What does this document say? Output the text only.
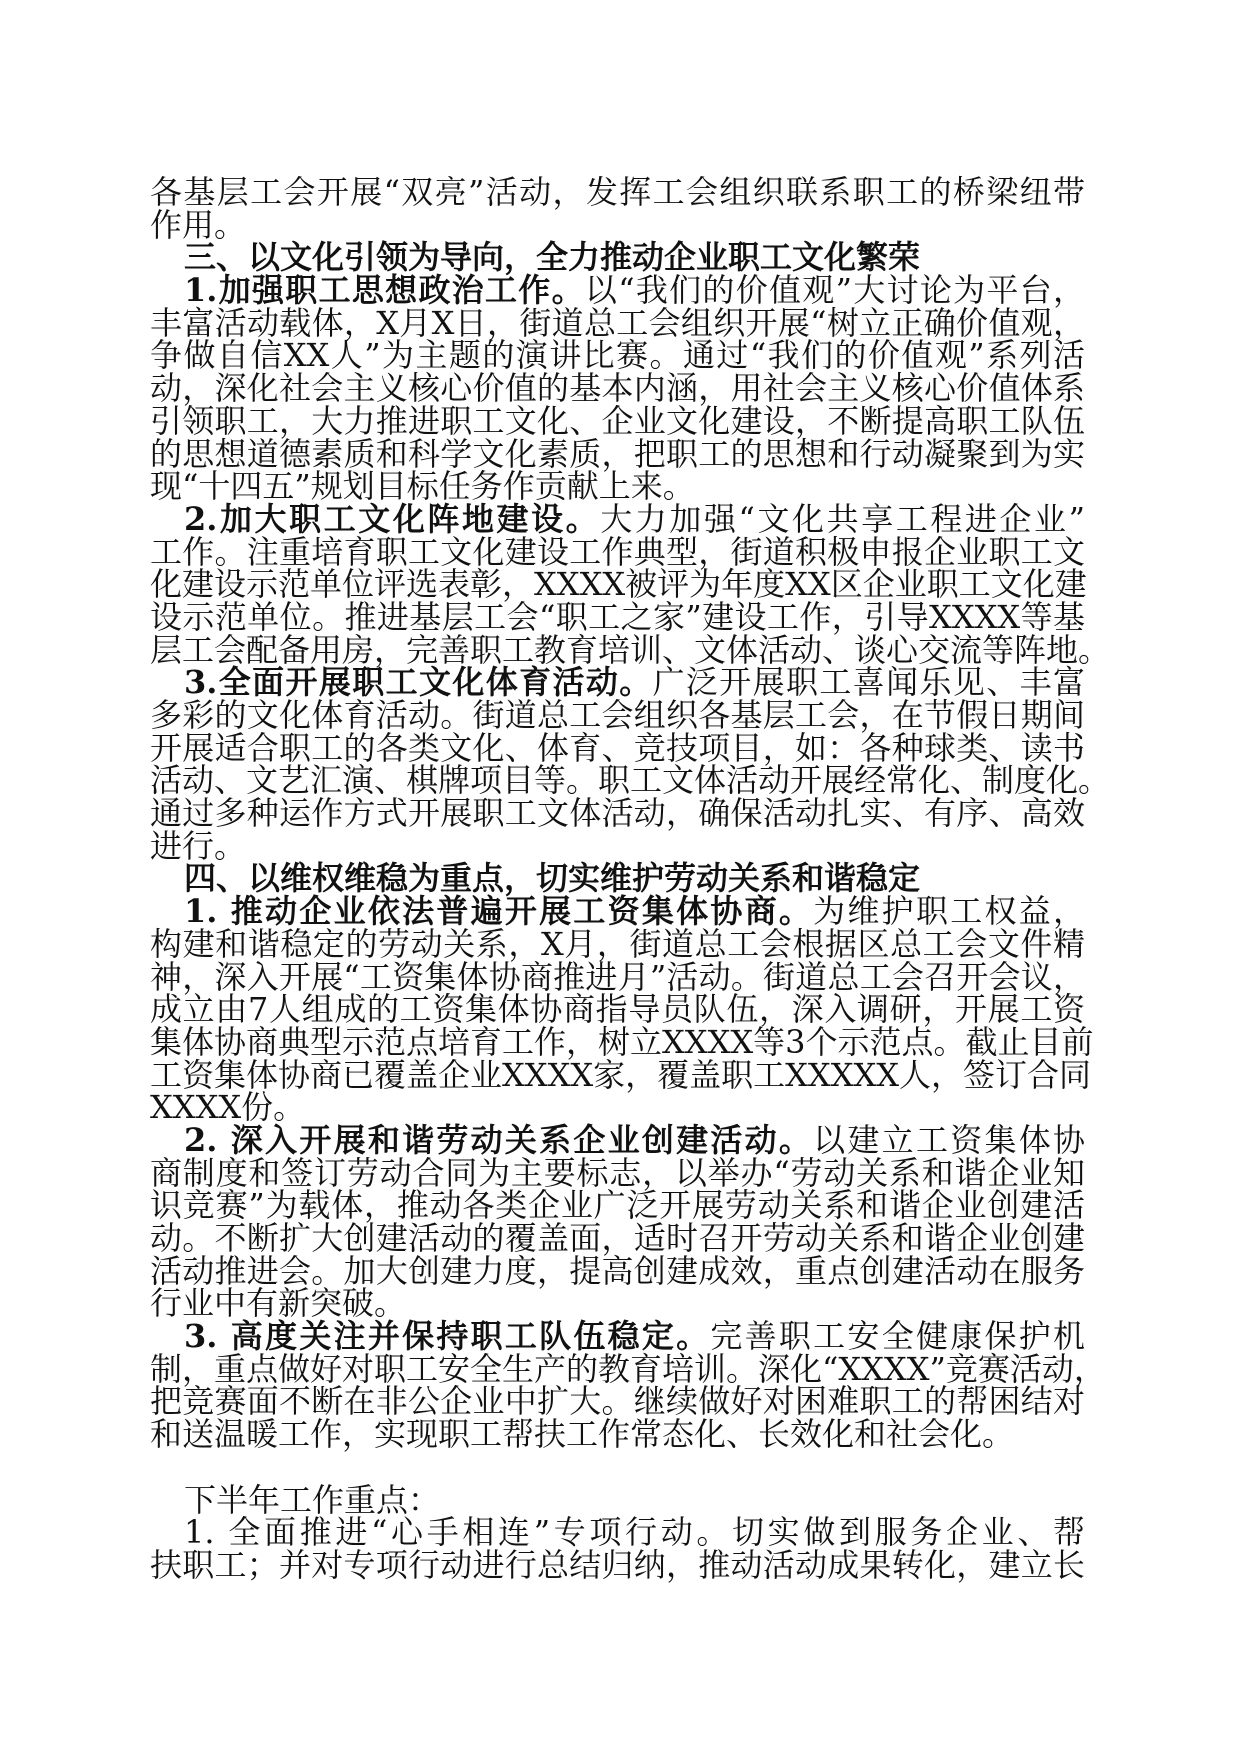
各基层工会开展“双亮”活动，发挥工会组织联系职工的桥梁纽带
作用。
三、以文化引领为导向，全力推动企业职工文化繁荣
1.加强职工思想政治工作。以“我们的价值观”大讨论为平台，
丰富活动载体，X月X日，街道总工会组织开展“树立正确价值观，
争做自信XX人”为主题的演讲比赛。通过“我们的价值观”系列活
动，深化社会主义核心价值的基本内涵，用社会主义核心价值体系
引领职工，大力推进职工文化、企业文化建设，不断提高职工队伍
的思想道德素质和科学文化素质，把职工的思想和行动凝聚到为实
现“十四五”规划目标任务作贡献上来。
2.加大职工文化阵地建设。大力加强“文化共享工程进企业”
工作。注重培育职工文化建设工作典型，街道积极申报企业职工文
化建设示范单位评选表彰，XXXX被评为年度XX区企业职工文化建
设示范单位。推进基层工会“职工之家”建设工作，引导XXXX等基
层工会配备用房，完善职工教育培训、文体活动、谈心交流等阵地。
3.全面开展职工文化体育活动。广泛开展职工喜闻乐见、丰富
多彩的文化体育活动。街道总工会组织各基层工会，在节假日期间
开展适合职工的各类文化、体育、竞技项目，如：各种球类、读书
活动、文艺汇演、棋牌项目等。职工文体活动开展经常化、制度化。
通过多种运作方式开展职工文体活动，确保活动扎实、有序、高效
进行。
四、以维权维稳为重点，切实维护劳动关系和谐稳定
1. 推动企业依法普遍开展工资集体协商。为维护职工权益，
构建和谐稳定的劳动关系，X月，街道总工会根据区总工会文件精
神，深入开展“工资集体协商推进月”活动。街道总工会召开会议，
成立由7人组成的工资集体协商指导员队伍，深入调研，开展工资
集体协商典型示范点培育工作，树立XXXX等3个示范点。截止目前
工资集体协商已覆盖企业XXXX家，覆盖职工XXXXX人，签订合同
XXXX份。
2. 深入开展和谐劳动关系企业创建活动。以建立工资集体协
商制度和签订劳动合同为主要标志，以举办“劳动关系和谐企业知
识竞赛”为载体，推动各类企业广泛开展劳动关系和谐企业创建活
动。不断扩大创建活动的覆盖面，适时召开劳动关系和谐企业创建
活动推进会。加大创建力度，提高创建成效，重点创建活动在服务
行业中有新突破。
3. 高度关注并保持职工队伍稳定。完善职工安全健康保护机
制，重点做好对职工安全生产的教育培训。深化“XXXX”竞赛活动，
把竞赛面不断在非公企业中扩大。继续做好对困难职工的帮困结对
和送温暖工作，实现职工帮扶工作常态化、长效化和社会化。
下半年工作重点：
1. 全面推进“心手相连”专项行动。切实做到服务企业、帮
扶职工；并对专项行动进行总结归纳，推动活动成果转化，建立长
